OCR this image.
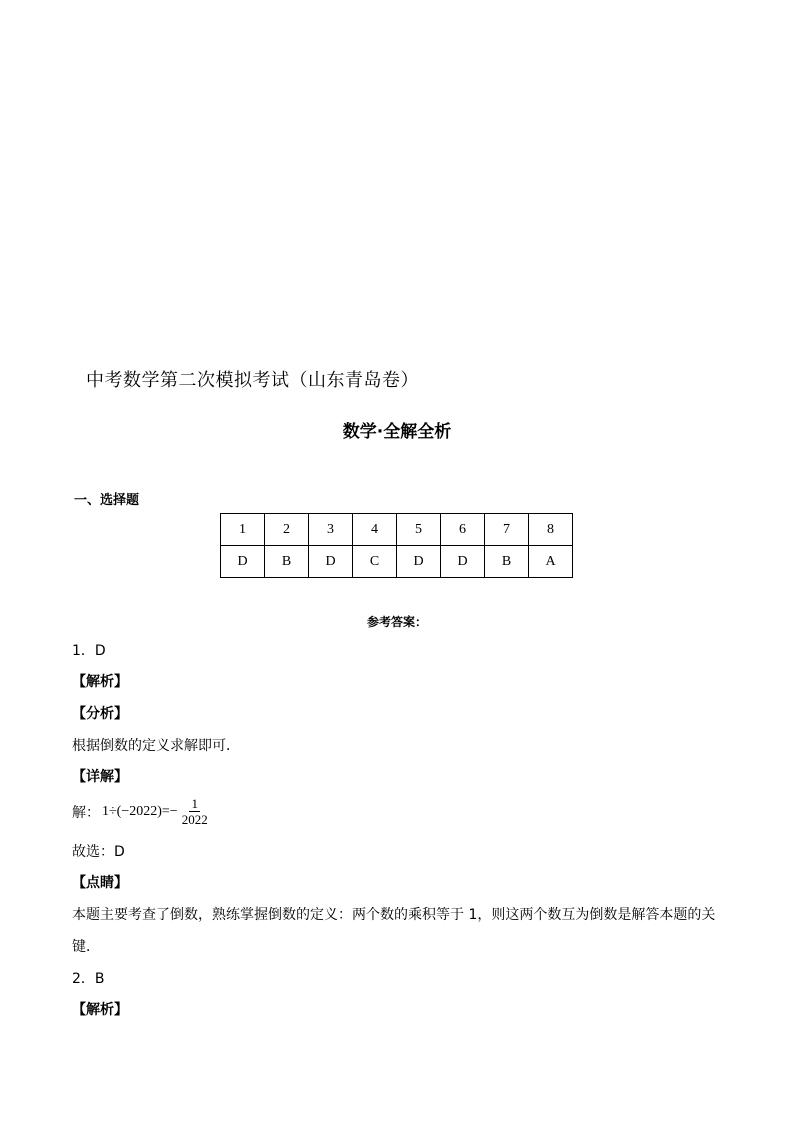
中考数学第二次模拟考试（山东青岛卷）
数学·全解全析
一、选择题
1	2	3	4	5	6	7	8
D	B	D	C	D	D	B	A
参考答案：
1．D
【解析】
【分析】
根据倒数的定义求解即可．
【详解】
解： $1\div(-2022)=- \frac{1}{2022}$
故选：D
【点睛】
本题主要考查了倒数，熟练掌握倒数的定义：两个数的乘积等于 1，则这两个数互为倒数是解答本题的关
键．
2．B
【解析】
